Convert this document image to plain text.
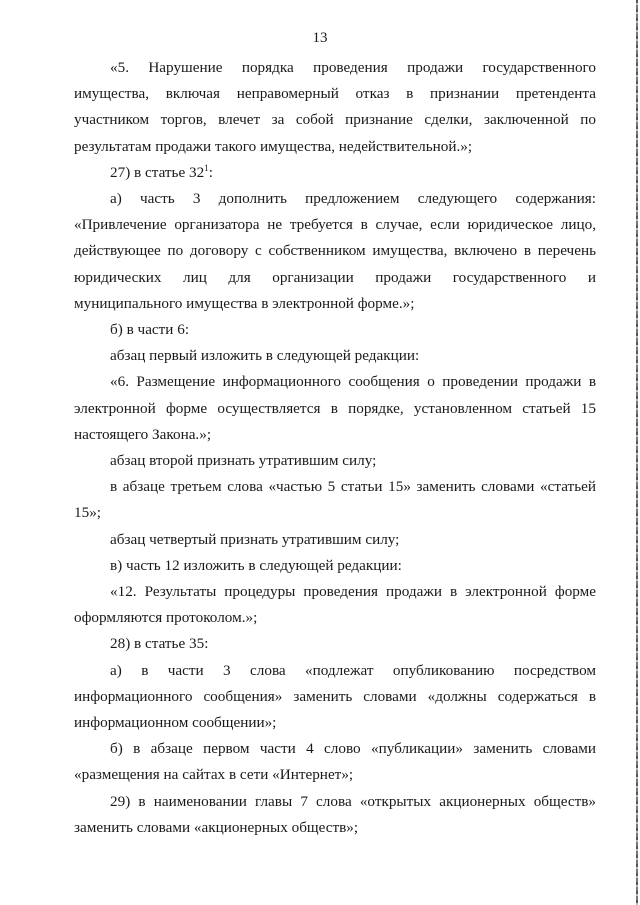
13

«5. Нарушение порядка проведения продажи государственного имущества, включая неправомерный отказ в признании претендента участником торгов, влечет за собой признание сделки, заключенной по результатам продажи такого имущества, недействительной.»;

27) в статье $32^1$:

а) часть 3 дополнить предложением следующего содержания: «Привлечение организатора не требуется в случае, если юридическое лицо, действующее по договору с собственником имущества, включено в перечень юридических лиц для организации продажи государственного и муниципального имущества в электронной форме.»;

б) в части 6:

абзац первый изложить в следующей редакции:

«6. Размещение информационного сообщения о проведении продажи в электронной форме осуществляется в порядке, установленном статьей 15 настоящего Закона.»;

абзац второй признать утратившим силу;

в абзаце третьем слова «частью 5 статьи 15» заменить словами «статьей 15»;

абзац четвертый признать утратившим силу;

в) часть 12 изложить в следующей редакции:

«12. Результаты процедуры проведения продажи в электронной форме оформляются протоколом.»;

28) в статье 35:

а) в части 3 слова «подлежат опубликованию посредством информационного сообщения» заменить словами «должны содержаться в информационном сообщении»;

б) в абзаце первом части 4 слово «публикации» заменить словами «размещения на сайтах в сети «Интернет»;

29) в наименовании главы 7 слова «открытых акционерных обществ» заменить словами «акционерных обществ»;
